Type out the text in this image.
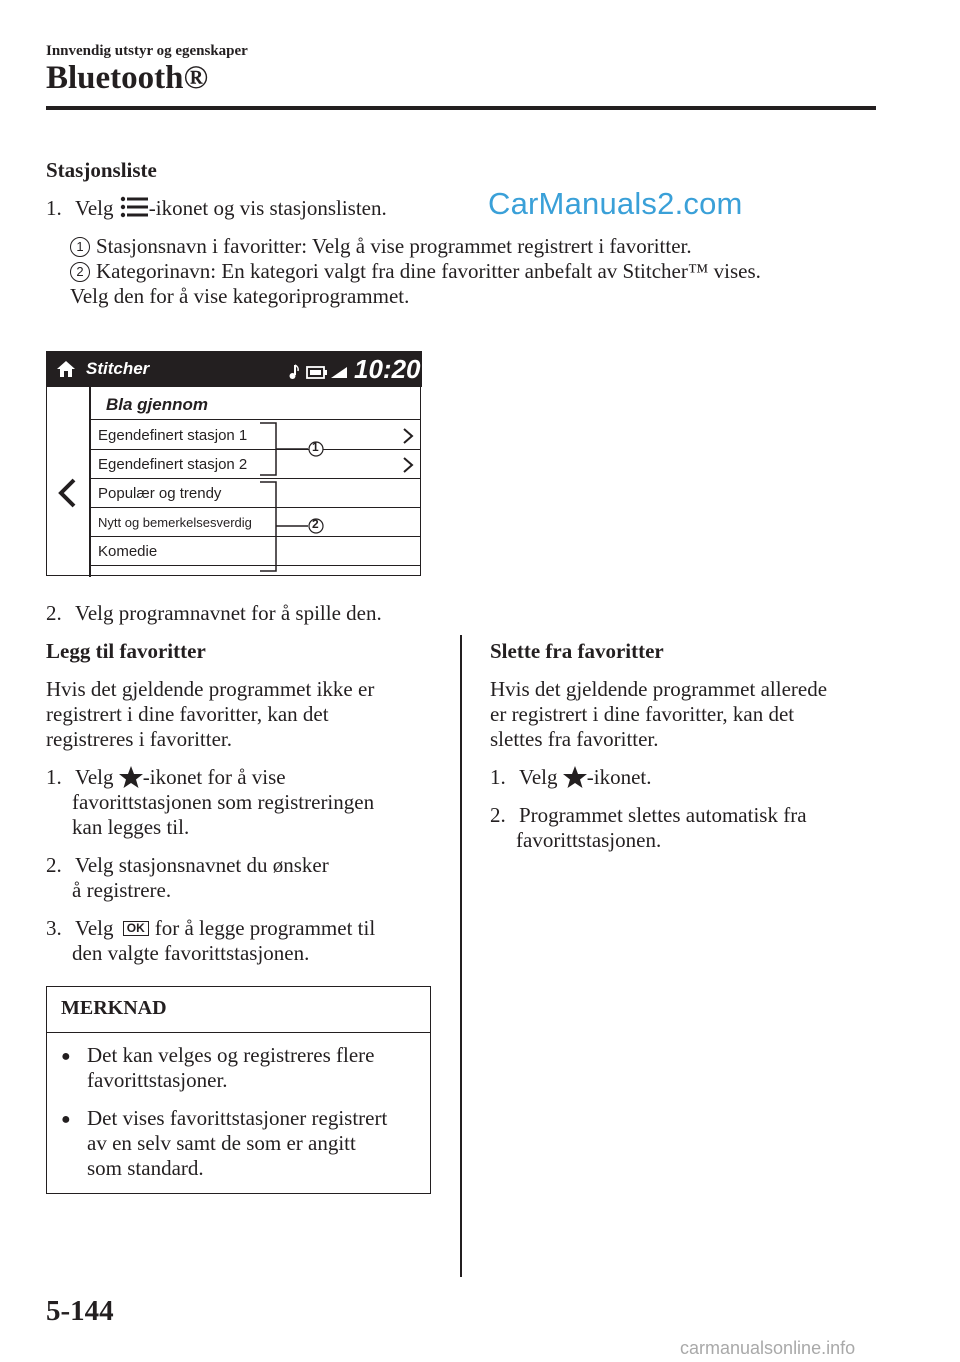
Innvendig utstyr og egenskaper
Bluetooth®
CarManuals2.com
Stasjonsliste
1. Velg -ikonet og vis stasjonslisten.
1 Stasjonsnavn i favoritter: Velg å vise programmet registrert i favoritter.
2 Kategorinavn: En kategori valgt fra dine favoritter anbefalt av Stitcher™ vises.
Velg den for å vise kategoriprogrammet.
Stitcher	10:20
Bla gjennom
Egendefinert stasjon 1
Egendefinert stasjon 2
Populær og trendy
Nytt og bemerkelsesverdig
Komedie
1
2
2. Velg programnavnet for å spille den.
Legg til favoritter
Hvis det gjeldende programmet ikke er
registrert i dine favoritter, kan det
registreres i favoritter.
1. Velg -ikonet for å vise
favorittstasjonen som registreringen
kan legges til.
2. Velg stasjonsnavnet du ønsker
å registrere.
3. Velg OK for å legge programmet til
den valgte favorittstasjonen.
MERKNAD
● Det kan velges og registreres flere
favorittstasjoner.
● Det vises favorittstasjoner registrert
av en selv samt de som er angitt
som standard.
Slette fra favoritter
Hvis det gjeldende programmet allerede
er registrert i dine favoritter, kan det
slettes fra favoritter.
1. Velg -ikonet.
2. Programmet slettes automatisk fra
favorittstasjonen.
5-144
carmanualsonline.info
